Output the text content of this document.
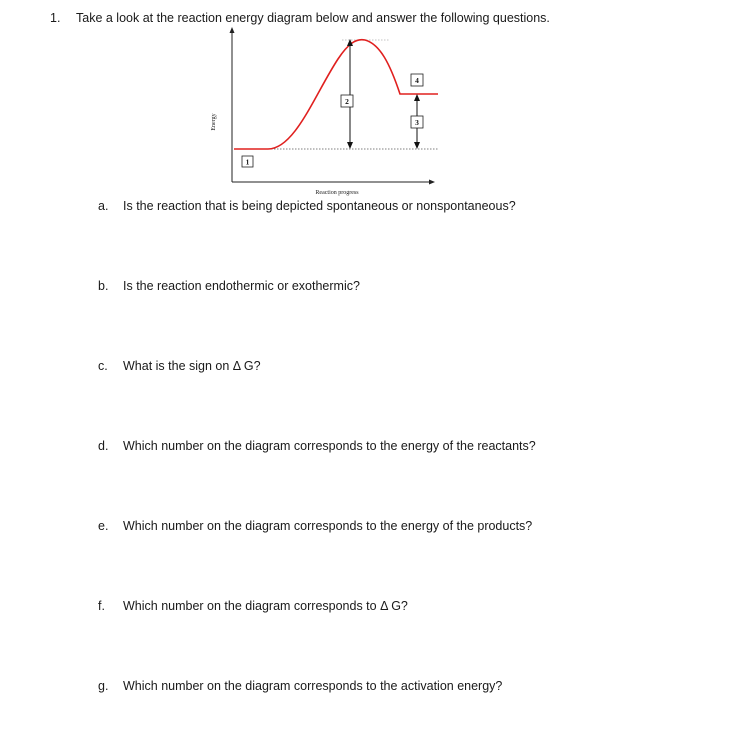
1. Take a look at the reaction energy diagram below and answer the following questions.
Energy
Reaction progress
1
2
3
4
a. Is the reaction that is being depicted spontaneous or nonspontaneous?
b. Is the reaction endothermic or exothermic?
c. What is the sign on Δ G?
d. Which number on the diagram corresponds to the energy of the reactants?
e. Which number on the diagram corresponds to the energy of the products?
f. Which number on the diagram corresponds to Δ G?
g. Which number on the diagram corresponds to the activation energy?
